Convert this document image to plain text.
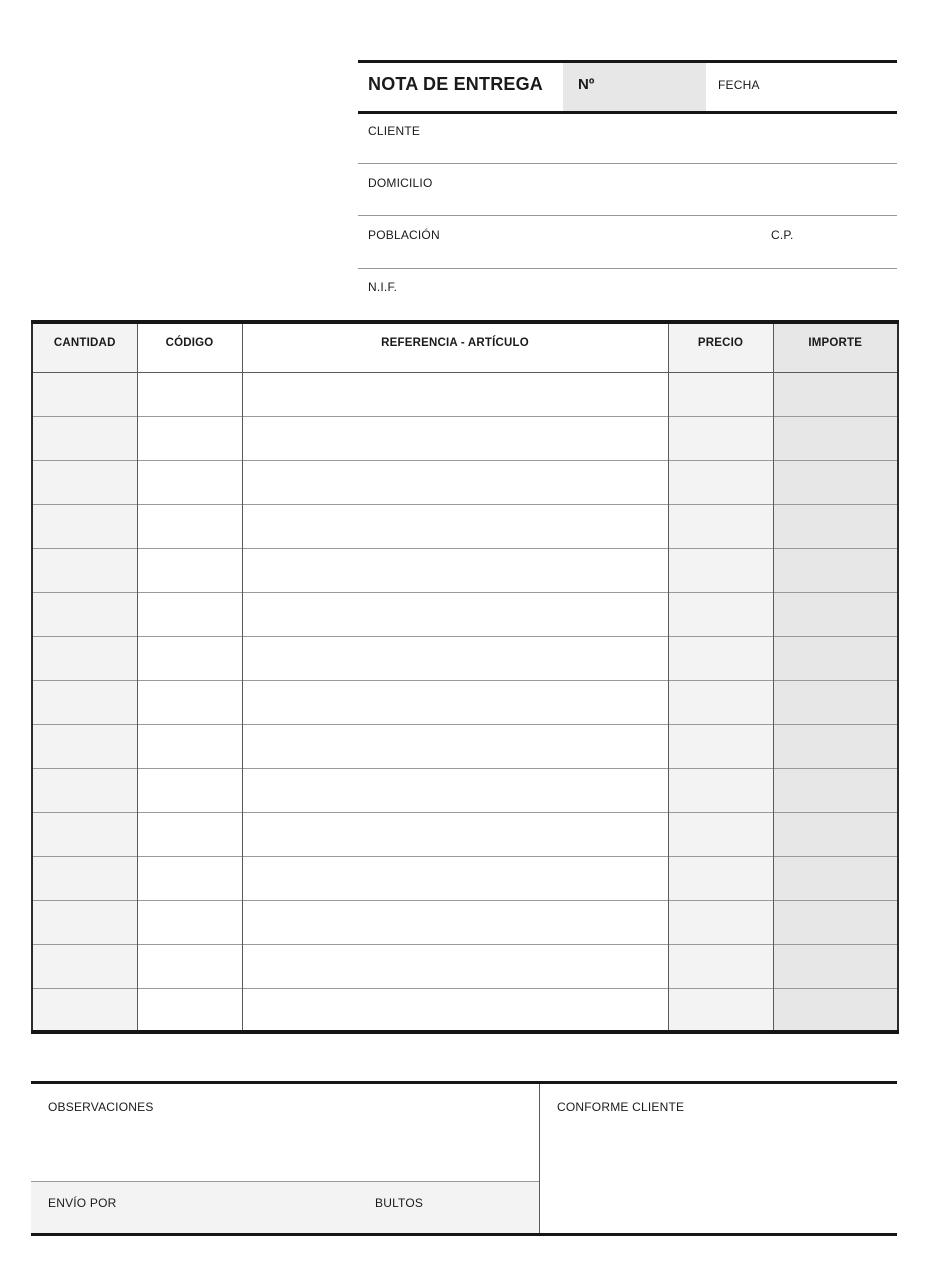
NOTA DE ENTREGA Nº	FECHA
CLIENTE
DOMICILIO
POBLACIÓN	C.P.
N.I.F.
CANTIDAD	CÓDIGO	REFERENCIA - ARTÍCULO	PRECIO	IMPORTE

OBSERVACIONES
ENVÍO POR	BULTOS
CONFORME CLIENTE
